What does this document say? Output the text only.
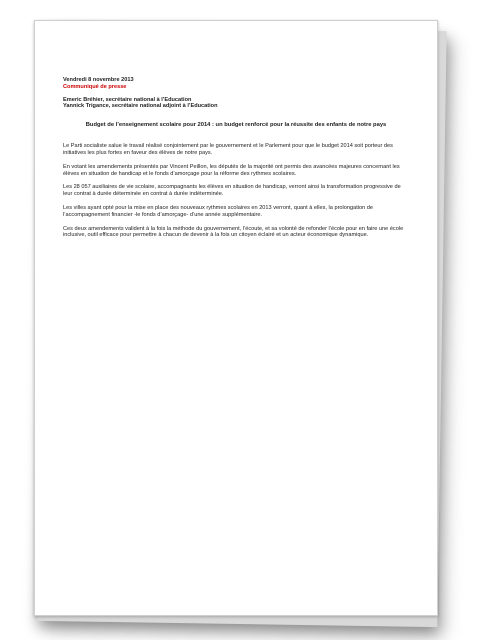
Vendredi 8 novembre 2013

Communiqué de presse

Emeric Bréhier, secrétaire national à l’Education

Yannick Trigance, secrétaire national adjoint à l’Education

Budget de l’enseignement scolaire pour 2014 : un budget renforcé pour la réussite des enfants de notre pays

Le Parti socialiste salue le travail réalisé conjointement par le gouvernement et le Parlement pour que le budget 2014 soit porteur des initiatives les plus fortes en faveur des élèves de notre pays.

En votant les amendements présentés par Vincent Peillon, les députés de la majorité ont permis des avancées majeures concernant les élèves en situation de handicap et le fonds d’amorçage pour la réforme des rythmes scolaires.

Les 28 057 auxiliaires de vie scolaire, accompagnants les élèves en situation de handicap, verront ainsi la transformation progressive de leur contrat à durée déterminée en contrat à durée indéterminée.

Les villes ayant opté pour la mise en place des nouveaux rythmes scolaires en 2013 verront, quant à elles, la prolongation de l’accompagnement financier -le fonds d’amorçage- d’une année supplémentaire.

Ces deux amendements valident à la fois la méthode du gouvernement, l’écoute, et sa volonté de refonder l’école pour en faire une école inclusive, outil efficace pour permettre à chacun de devenir à la fois un citoyen éclairé et un acteur économique dynamique.
